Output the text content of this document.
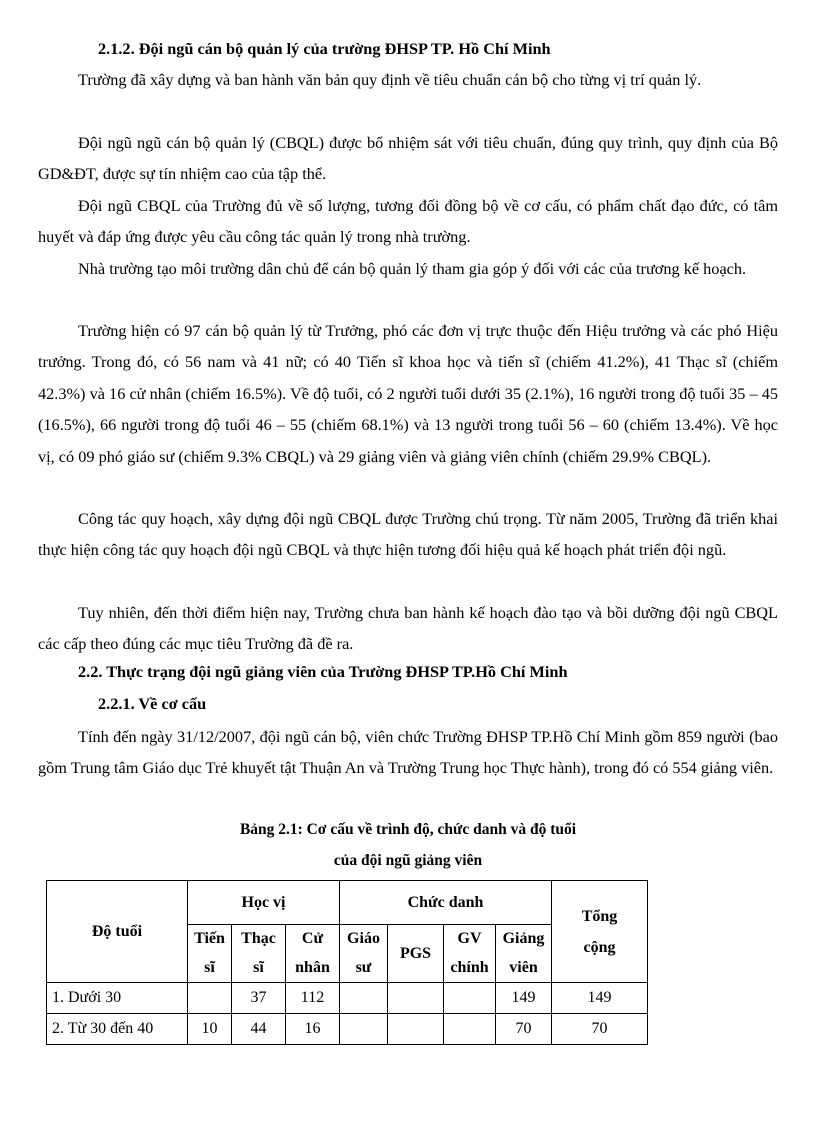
2.1.2. Đội ngũ cán bộ quản lý của trường ĐHSP TP. Hồ Chí Minh

Trường đã xây dựng và ban hành văn bản quy định về tiêu chuẩn cán bộ cho từng vị trí quản lý.

Đội ngũ ngũ cán bộ quản lý (CBQL) được bổ nhiệm sát với tiêu chuẩn, đúng quy trình, quy định của Bộ GD&ĐT, được sự tín nhiệm cao của tập thể.

Đội ngũ CBQL của Trường đủ về số lượng, tương đối đồng bộ về cơ cấu, có phẩm chất đạo đức, có tâm huyết và đáp ứng được yêu cầu công tác quản lý trong nhà trường.

Nhà trường tạo môi trường dân chủ để cán bộ quản lý tham gia góp ý đối với các của trương kế hoạch.

Trường hiện có 97 cán bộ quản lý từ Trưởng, phó các đơn vị trực thuộc đến Hiệu trưởng và các phó Hiệu trưởng. Trong đó, có 56 nam và 41 nữ; có 40 Tiến sĩ khoa học và tiến sĩ (chiếm 41.2%), 41 Thạc sĩ (chiếm 42.3%) và 16 cử nhân (chiếm 16.5%). Về độ tuổi, có 2 người tuổi dưới 35 (2.1%), 16 người trong độ tuổi 35 – 45 (16.5%), 66 người trong độ tuổi 46 – 55 (chiếm 68.1%) và 13 người trong tuổi 56 – 60 (chiếm 13.4%). Về học vị, có 09 phó giáo sư (chiếm 9.3% CBQL) và 29 giảng viên và giảng viên chính (chiếm 29.9% CBQL).

Công tác quy hoạch, xây dựng đội ngũ CBQL được Trường chú trọng. Từ năm 2005, Trường đã triển khai thực hiện công tác quy hoạch đội ngũ CBQL và thực hiện tương đối hiệu quả kế hoạch phát triển đội ngũ.

Tuy nhiên, đến thời điểm hiện nay, Trường chưa ban hành kế hoạch đào tạo và bồi dưỡng đội ngũ CBQL các cấp theo đúng các mục tiêu Trường đã đề ra.

2.2. Thực trạng đội ngũ giảng viên của Trường ĐHSP TP.Hồ Chí Minh
2.2.1. Về cơ cấu

Tính đến ngày 31/12/2007, đội ngũ cán bộ, viên chức Trường ĐHSP TP.Hồ Chí Minh gồm 859 người (bao gồm Trung tâm Giáo dục Trẻ khuyết tật Thuận An và Trường Trung học Thực hành), trong đó có 554 giảng viên.

Bảng 2.1: Cơ cấu về trình độ, chức danh và độ tuổi

của đội ngũ giảng viên

Độ tuổi	Học vị			Chức danh				Tổng cộng
	Tiến	Thạc	Cử	Giáo	PGS	GV	Giảng	
	sĩ	sĩ	nhân	sư		chính	viên	
1. Dưới 30		37	112				149	149
2. Từ 30 đến 40	10	44	16				70	70
